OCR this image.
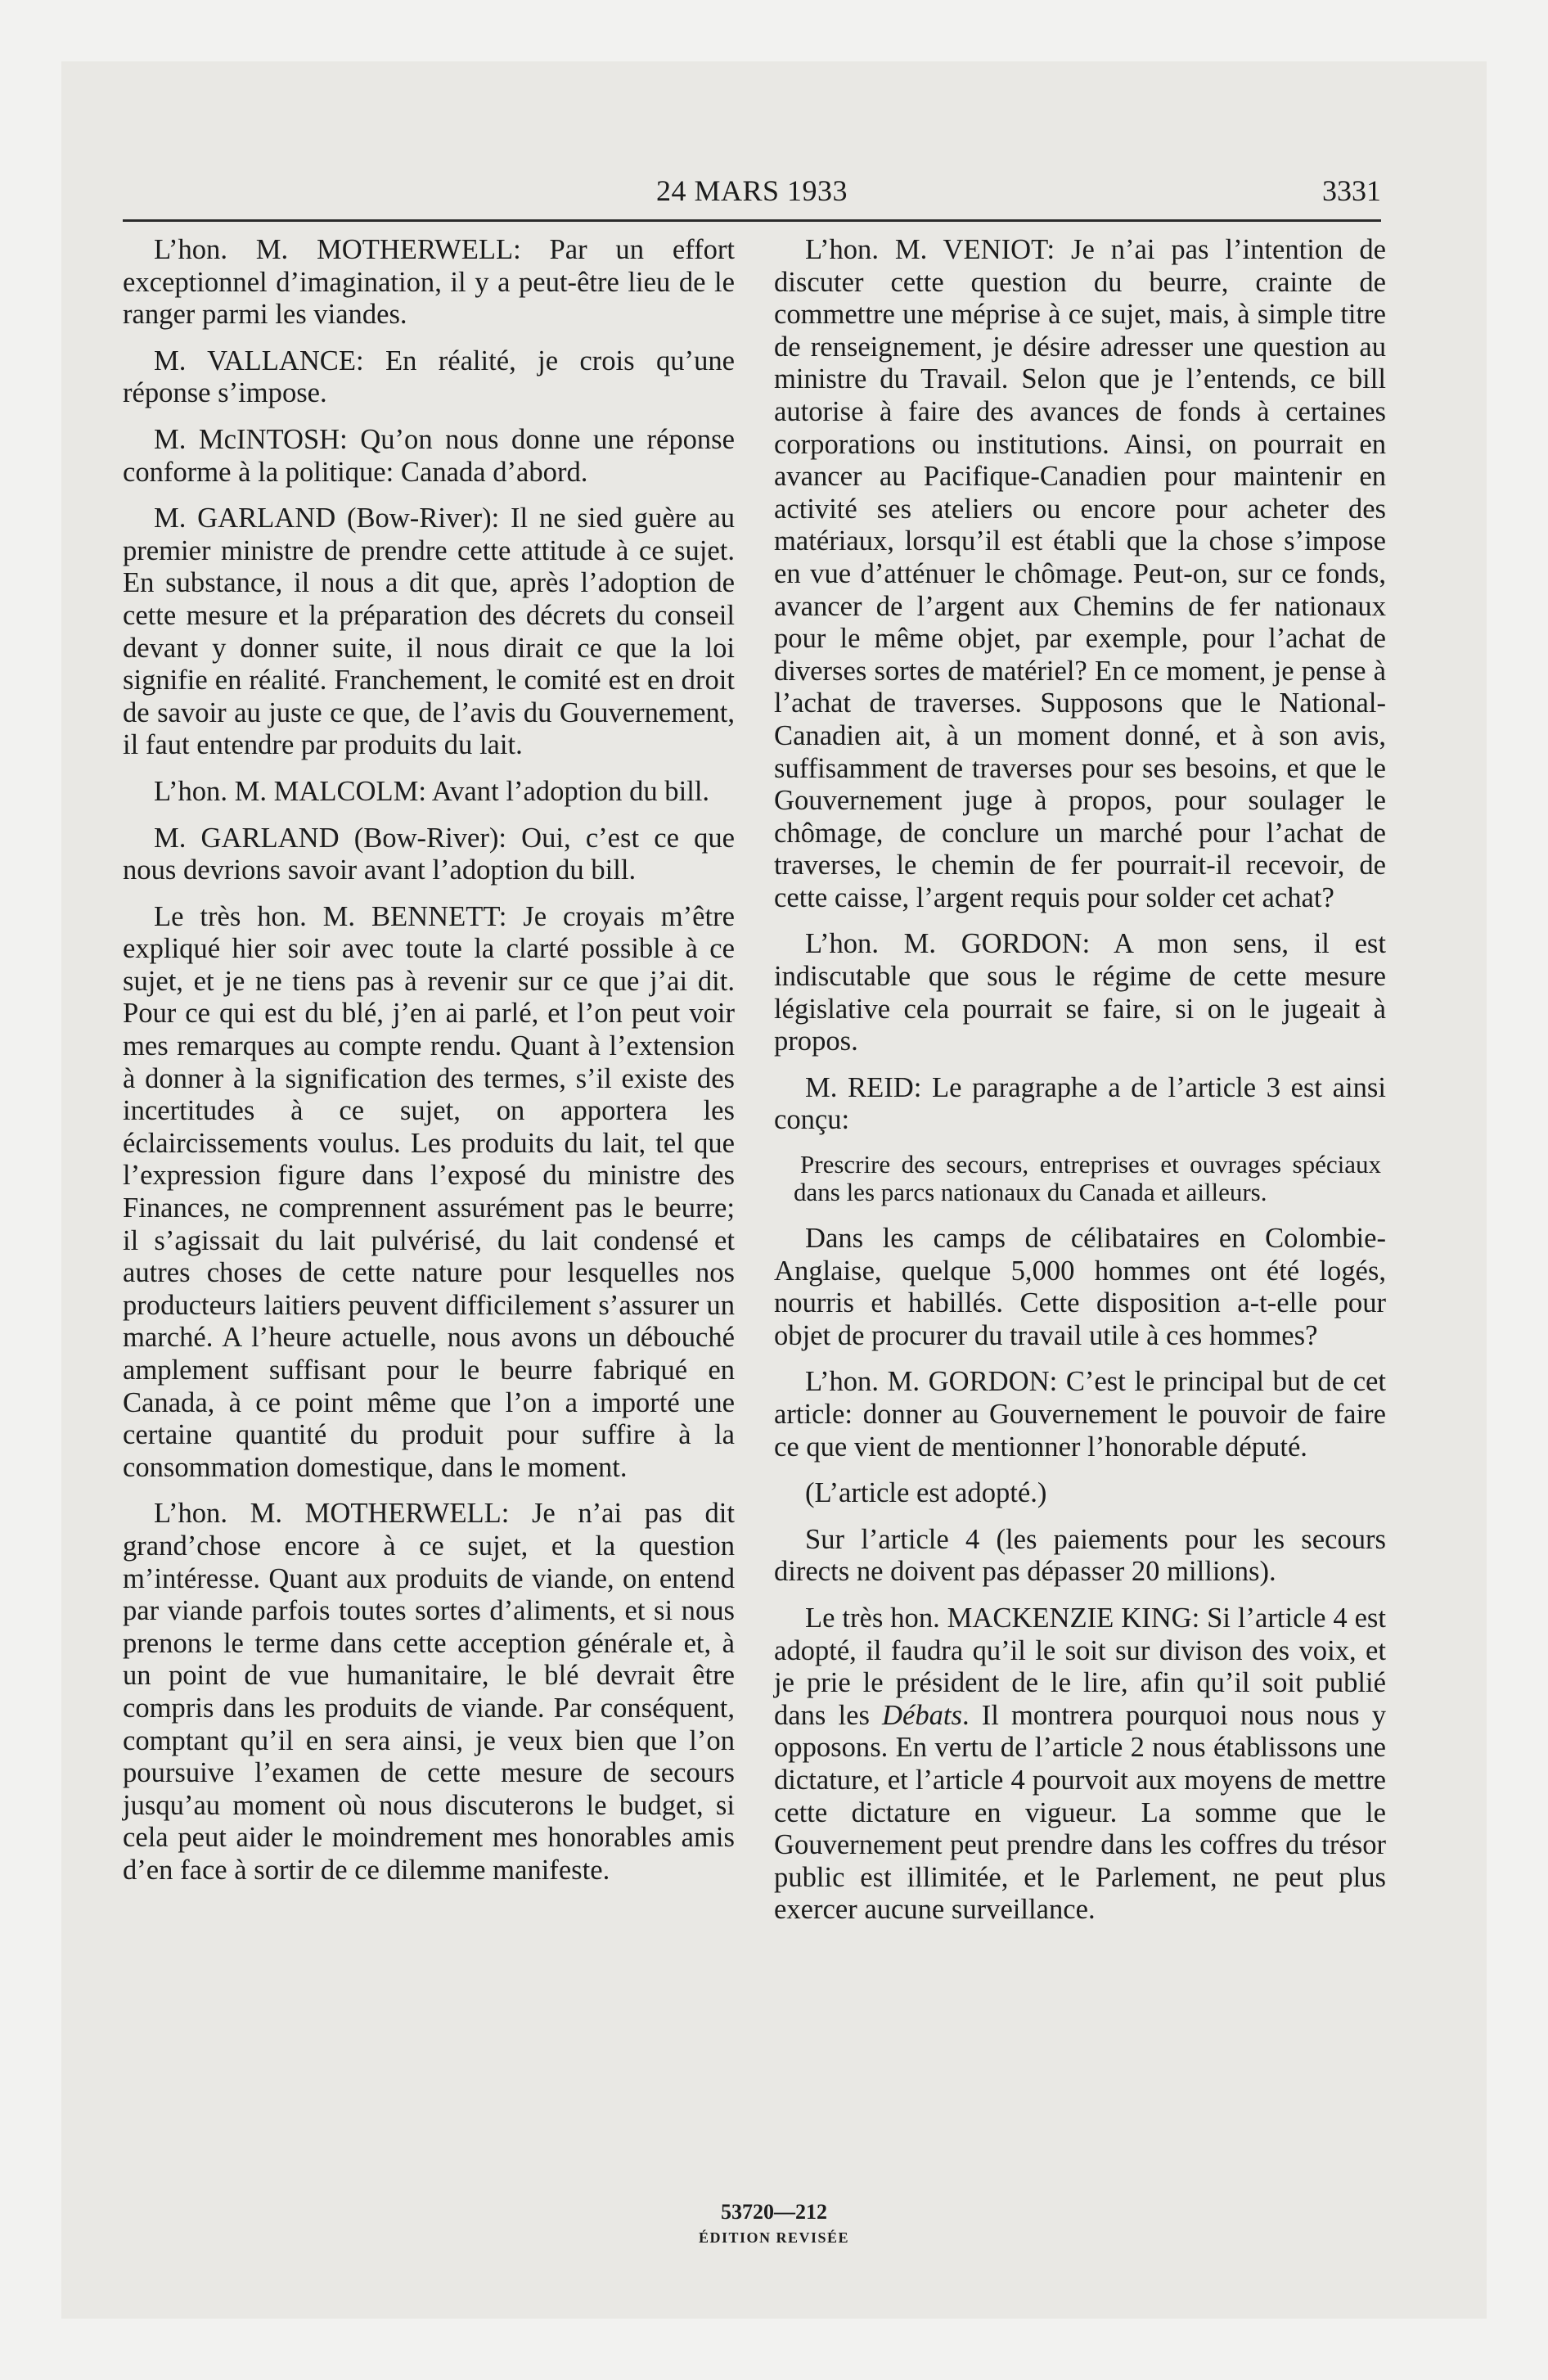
24 MARS 1933	3331

L’hon. M. MOTHERWELL: Par un effort exceptionnel d’imagination, il y a peut-être lieu de le ranger parmi les viandes.

M. VALLANCE: En réalité, je crois qu’une réponse s’impose.

M. McINTOSH: Qu’on nous donne une réponse conforme à la politique: Canada d’abord.

M. GARLAND (Bow-River): Il ne sied guère au premier ministre de prendre cette attitude à ce sujet. En substance, il nous a dit que, après l’adoption de cette mesure et la préparation des décrets du conseil devant y donner suite, il nous dirait ce que la loi signifie en réalité. Franchement, le comité est en droit de savoir au juste ce que, de l’avis du Gouvernement, il faut entendre par produits du lait.

L’hon. M. MALCOLM: Avant l’adoption du bill.

M. GARLAND (Bow-River): Oui, c’est ce que nous devrions savoir avant l’adoption du bill.

Le très hon. M. BENNETT: Je croyais m’être expliqué hier soir avec toute la clarté possible à ce sujet, et je ne tiens pas à revenir sur ce que j’ai dit. Pour ce qui est du blé, j’en ai parlé, et l’on peut voir mes remarques au compte rendu. Quant à l’extension à donner à la signification des termes, s’il existe des incertitudes à ce sujet, on apportera les éclaircissements voulus. Les produits du lait, tel que l’expression figure dans l’exposé du ministre des Finances, ne comprennent assurément pas le beurre; il s’agissait du lait pulvérisé, du lait condensé et autres choses de cette nature pour lesquelles nos producteurs laitiers peuvent difficilement s’assurer un marché. A l’heure actuelle, nous avons un débouché amplement suffisant pour le beurre fabriqué en Canada, à ce point même que l’on a importé une certaine quantité du produit pour suffire à la consommation domestique, dans le moment.

L’hon. M. MOTHERWELL: Je n’ai pas dit grand’chose encore à ce sujet, et la question m’intéresse. Quant aux produits de viande, on entend par viande parfois toutes sortes d’aliments, et si nous prenons le terme dans cette acception générale et, à un point de vue humanitaire, le blé devrait être compris dans les produits de viande. Par conséquent, comptant qu’il en sera ainsi, je veux bien que l’on poursuive l’examen de cette mesure de secours jusqu’au moment où nous discuterons le budget, si cela peut aider le moindrement mes honorables amis d’en face à sortir de ce dilemme manifeste.

L’hon. M. VENIOT: Je n’ai pas l’intention de discuter cette question du beurre, crainte de commettre une méprise à ce sujet, mais, à simple titre de renseignement, je désire adresser une question au ministre du Travail. Selon que je l’entends, ce bill autorise à faire des avances de fonds à certaines corporations ou institutions. Ainsi, on pourrait en avancer au Pacifique-Canadien pour maintenir en activité ses ateliers ou encore pour acheter des matériaux, lorsqu’il est établi que la chose s’impose en vue d’atténuer le chômage. Peut-on, sur ce fonds, avancer de l’argent aux Chemins de fer nationaux pour le même objet, par exemple, pour l’achat de diverses sortes de matériel? En ce moment, je pense à l’achat de traverses. Supposons que le National-Canadien ait, à un moment donné, et à son avis, suffisamment de traverses pour ses besoins, et que le Gouvernement juge à propos, pour soulager le chômage, de conclure un marché pour l’achat de traverses, le chemin de fer pourrait-il recevoir, de cette caisse, l’argent requis pour solder cet achat?

L’hon. M. GORDON: A mon sens, il est indiscutable que sous le régime de cette mesure législative cela pourrait se faire, si on le jugeait à propos.

M. REID: Le paragraphe a de l’article 3 est ainsi conçu:

Prescrire des secours, entreprises et ouvrages spéciaux dans les parcs nationaux du Canada et ailleurs.

Dans les camps de célibataires en Colombie-Anglaise, quelque 5,000 hommes ont été logés, nourris et habillés. Cette disposition a-t-elle pour objet de procurer du travail utile à ces hommes?

L’hon. M. GORDON: C’est le principal but de cet article: donner au Gouvernement le pouvoir de faire ce que vient de mentionner l’honorable député.

(L’article est adopté.)

Sur l’article 4 (les paiements pour les secours directs ne doivent pas dépasser 20 millions).

Le très hon. MACKENZIE KING: Si l’article 4 est adopté, il faudra qu’il le soit sur divison des voix, et je prie le président de le lire, afin qu’il soit publié dans les Débats. Il montrera pourquoi nous nous y opposons. En vertu de l’article 2 nous établissons une dictature, et l’article 4 pourvoit aux moyens de mettre cette dictature en vigueur. La somme que le Gouvernement peut prendre dans les coffres du trésor public est illimitée, et le Parlement, ne peut plus exercer aucune surveillance.

53720—212
ÉDITION REVISÉE
